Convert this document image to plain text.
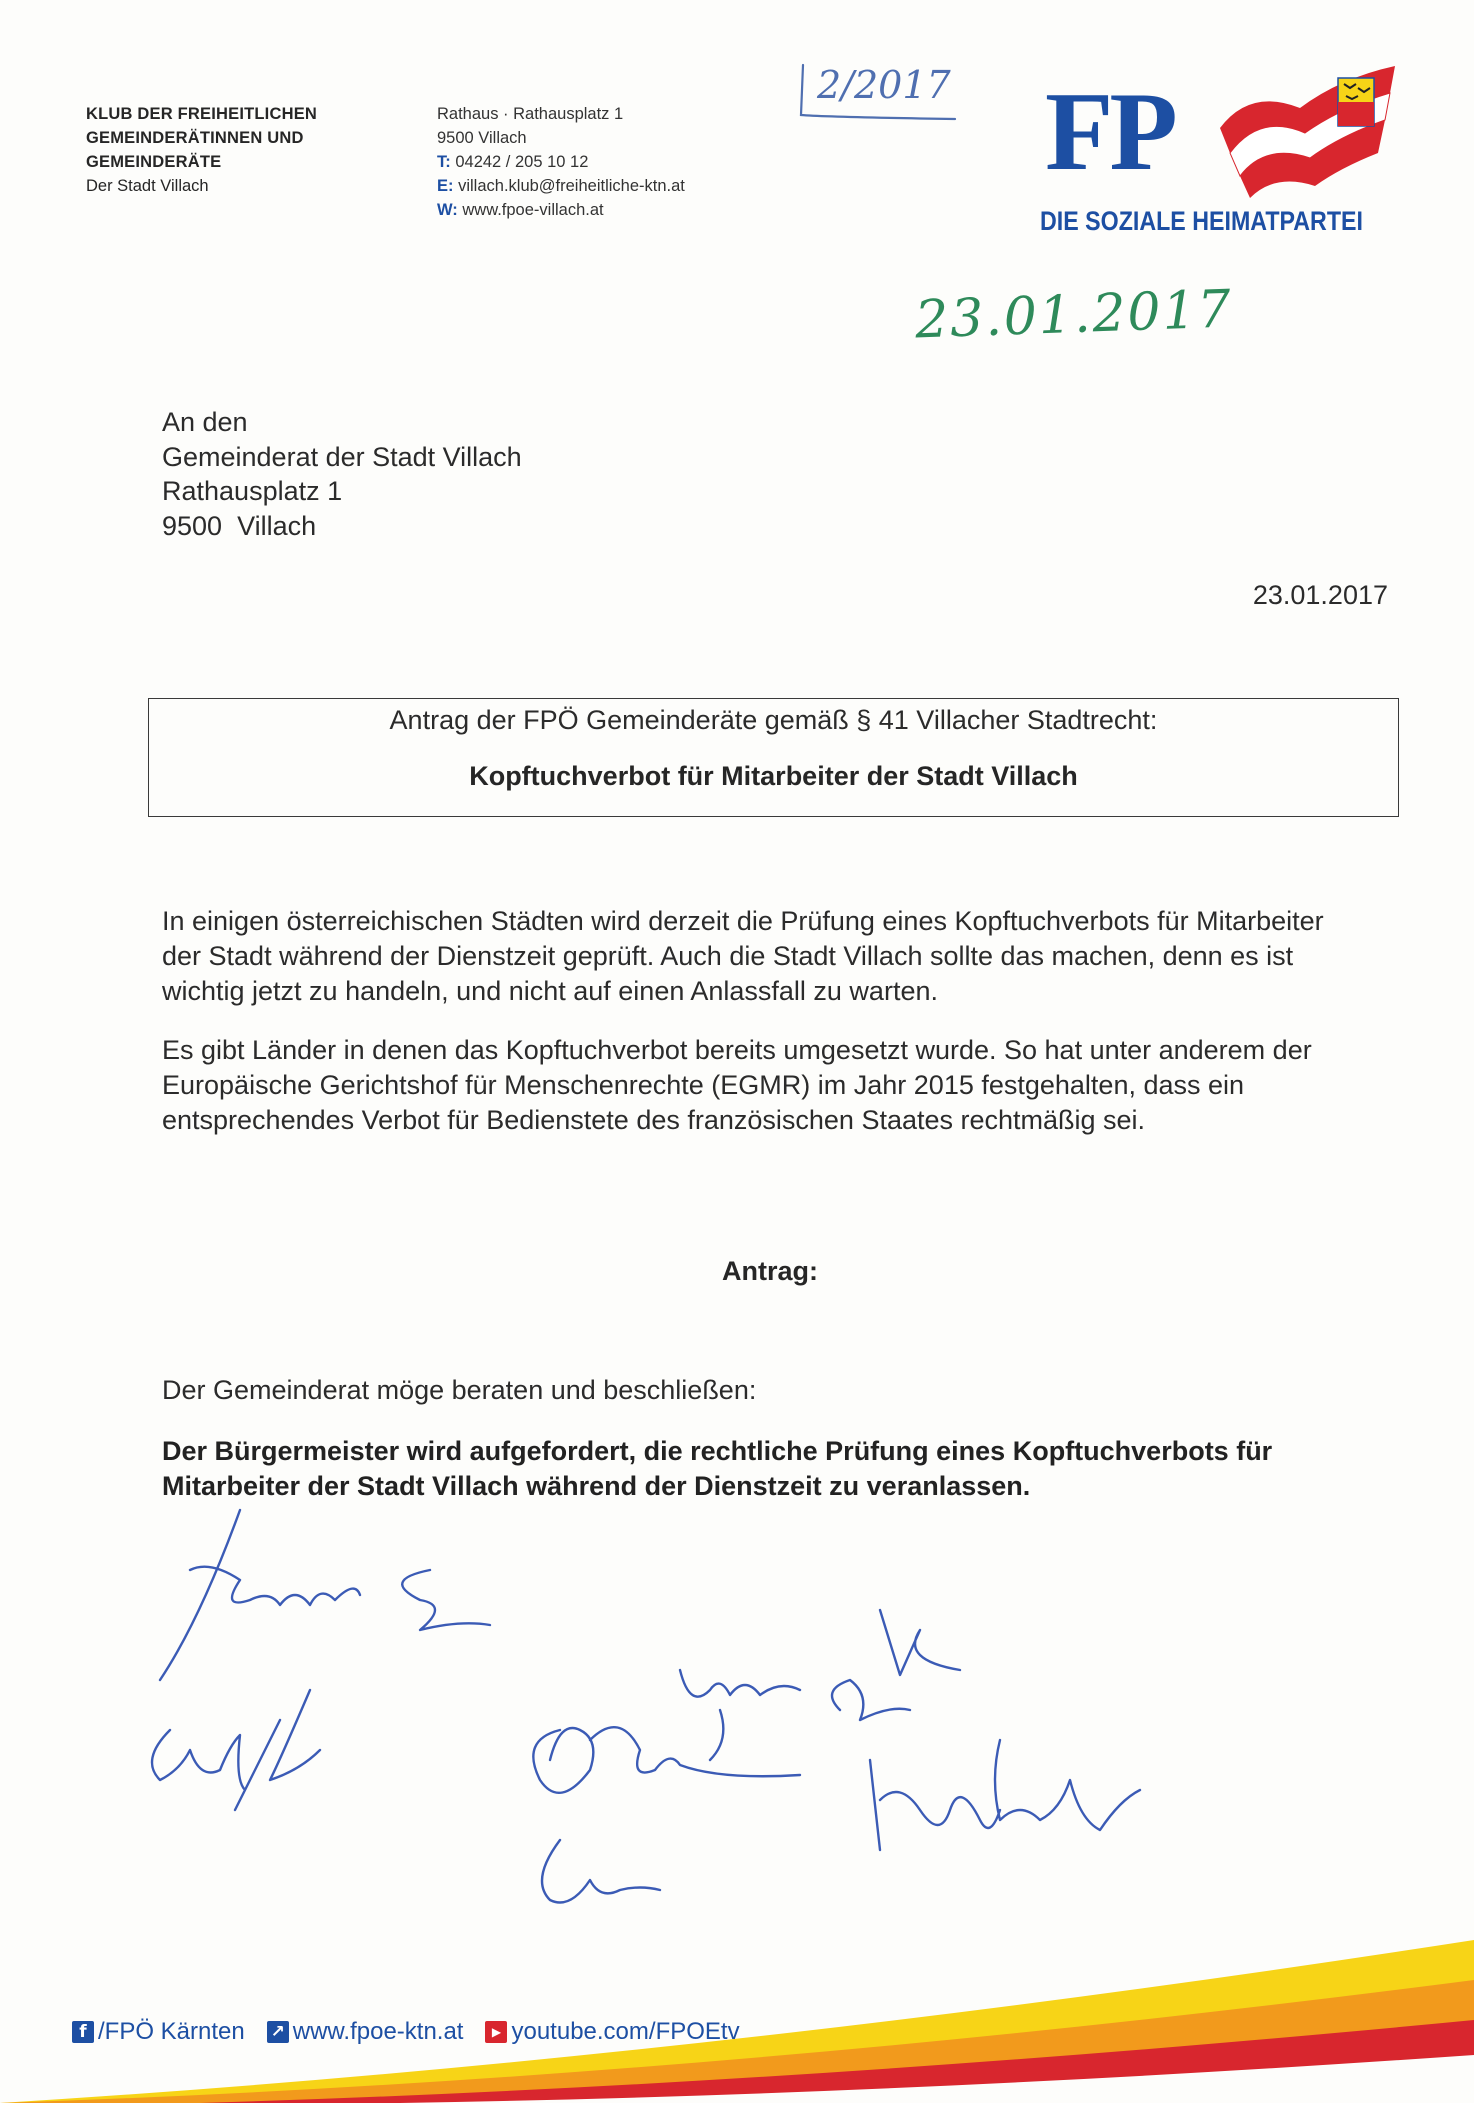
KLUB DER FREIHEITLICHEN
GEMEINDERÄTINNEN UND
GEMEINDERÄTE
Der Stadt Villach
Rathaus · Rathausplatz 1
9500 Villach
T: 04242 / 205 10 12
E: villach.klub@freiheitliche-ktn.at
W: www.fpoe-villach.at
2/2017 FP
DIE SOZIALE HEIMATPARTEI
23.01.2017
An den
Gemeinderat der Stadt Villach
Rathausplatz 1
9500  Villach
23.01.2017
Antrag der FPÖ Gemeinderäte gemäß § 41 Villacher Stadtrecht:
Kopftuchverbot für Mitarbeiter der Stadt Villach
In einigen österreichischen Städten wird derzeit die Prüfung eines Kopftuchverbots für Mitarbeiter der Stadt während der Dienstzeit geprüft. Auch die Stadt Villach sollte das machen, denn es ist wichtig jetzt zu handeln, und nicht auf einen Anlassfall zu warten.
Es gibt Länder in denen das Kopftuchverbot bereits umgesetzt wurde. So hat unter anderem der Europäische Gerichtshof für Menschenrechte (EGMR) im Jahr 2015 festgehalten, dass ein entsprechendes Verbot für Bedienstete des französischen Staates rechtmäßig sei.
Antrag:
Der Gemeinderat möge beraten und beschließen:
Der Bürgermeister wird aufgefordert, die rechtliche Prüfung eines Kopftuchverbots für Mitarbeiter der Stadt Villach während der Dienstzeit zu veranlassen.
f /FPÖ Kärnten ↗ www.fpoe-ktn.at	▶ youtube.com/FPOEtv
